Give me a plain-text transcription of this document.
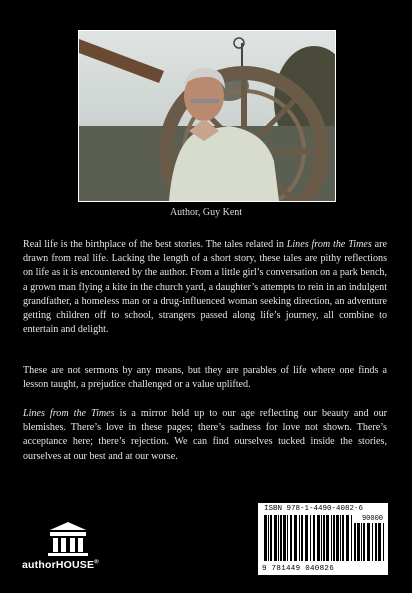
Author, Guy Kent
Real life is the birthplace of the best stories. The tales related in Lines from the Times are drawn from real life. Lacking the length of a short story, these tales are pithy reflections on life as it is encountered by the author. From a little girl’s conversation on a park bench, a grown man flying a kite in the church yard, a daughter’s attempts to rein in an indulgent grandfather, a homeless man or a drug-influenced woman seeking direction, an adventure getting children off to school, strangers passed along life’s journey, all combine to entertain and delight.
These are not sermons by any means, but they are parables of life where one finds a lesson taught, a prejudice challenged or a value uplifted.
Lines from the Times is a mirror held up to our age reflecting our beauty and our blemishes. There’s love in these pages; there’s sadness for love not shown. There’s acceptance here; there’s rejection. We can find ourselves tucked inside the stories, ourselves at our best and at our worse.
authorHOUSE®
ISBN 978-1-4490-4082-6
90000
9 781449 040826
